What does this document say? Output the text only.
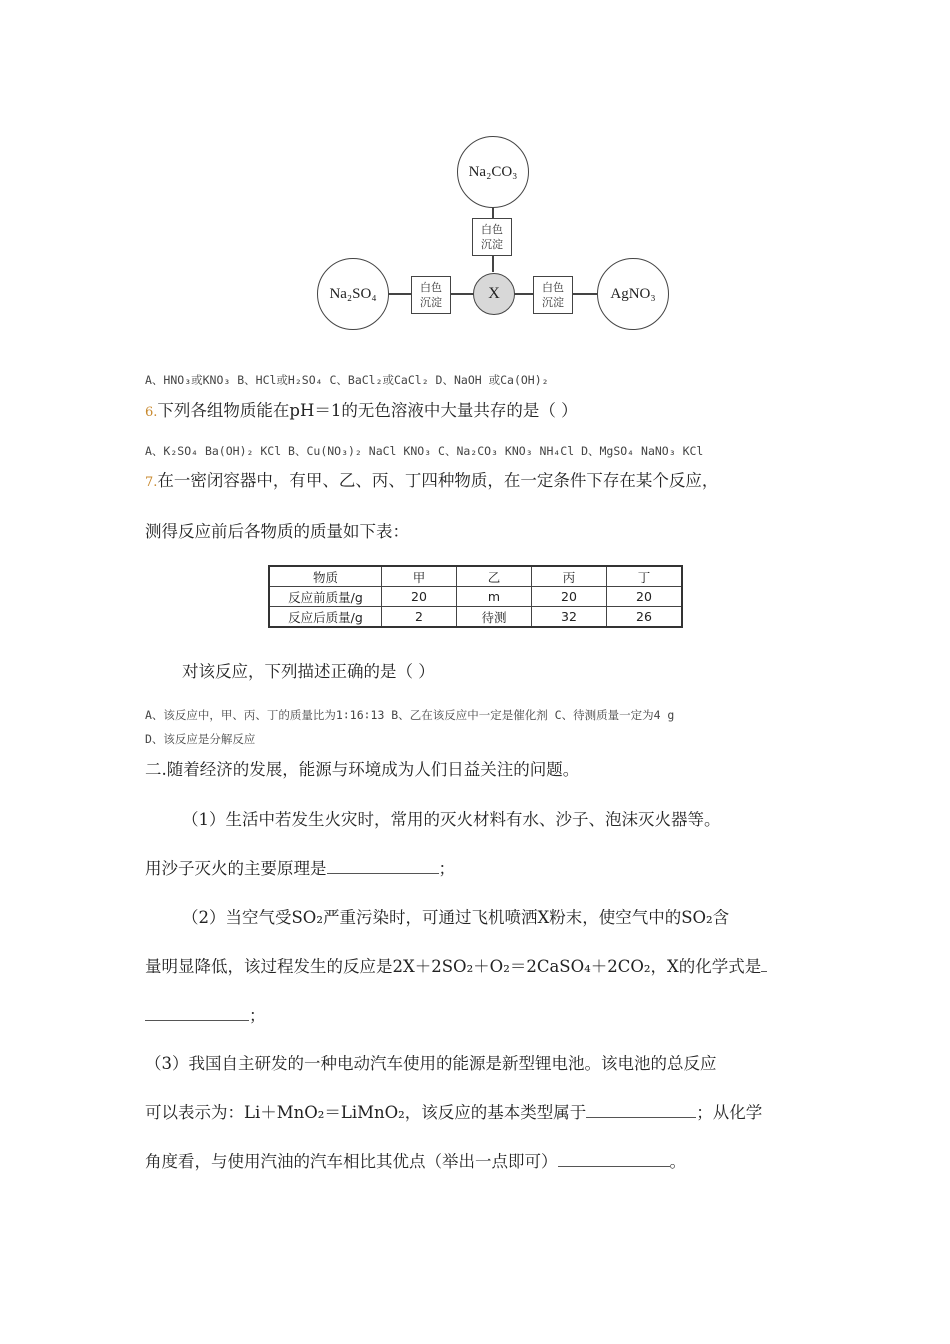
Na₂CO₃
Na₂SO₄	AgNO₃
X
白色
沉淀
白色
沉淀
白色
沉淀
A、HNO₃或KNO₃ B、HCl或H₂SO₄ C、BaCl₂或CaCl₂ D、NaOH 或Ca(OH)₂
6.下列各组物质能在pH＝1的无色溶液中大量共存的是（ ）
A、K₂SO₄ Ba(OH)₂ KCl B、Cu(NO₃)₂ NaCl KNO₃ C、Na₂CO₃ KNO₃ NH₄Cl D、MgSO₄ NaNO₃ KCl
7.在一密闭容器中，有甲、乙、丙、丁四种物质，在一定条件下存在某个反应，
测得反应前后各物质的质量如下表：
物质	甲	乙	丙	丁
反应前质量/g	20	m	20	20
反应后质量/g	2	待测	32	26
对该反应，下列描述正确的是（ ）
A、该反应中，甲、丙、丁的质量比为1∶16∶13 B、乙在该反应中一定是催化剂 C、待测质量一定为4 g
D、该反应是分解反应
二.随着经济的发展，能源与环境成为人们日益关注的问题。
（1）生活中若发生火灾时，常用的灭火材料有水、沙子、泡沫灭火器等。
用沙子灭火的主要原理是	；
（2）当空气受SO₂严重污染时，可通过飞机喷洒X粉末，使空气中的SO₂含
量明显降低，该过程发生的反应是2X＋2SO₂＋O₂＝2CaSO₄＋2CO₂，X的化学式是
；
（3）我国自主研发的一种电动汽车使用的能源是新型锂电池。该电池的总反应
可以表示为：Li＋MnO₂＝LiMnO₂，该反应的基本类型属于	；从化学
角度看，与使用汽油的汽车相比其优点（举出一点即可）	。
